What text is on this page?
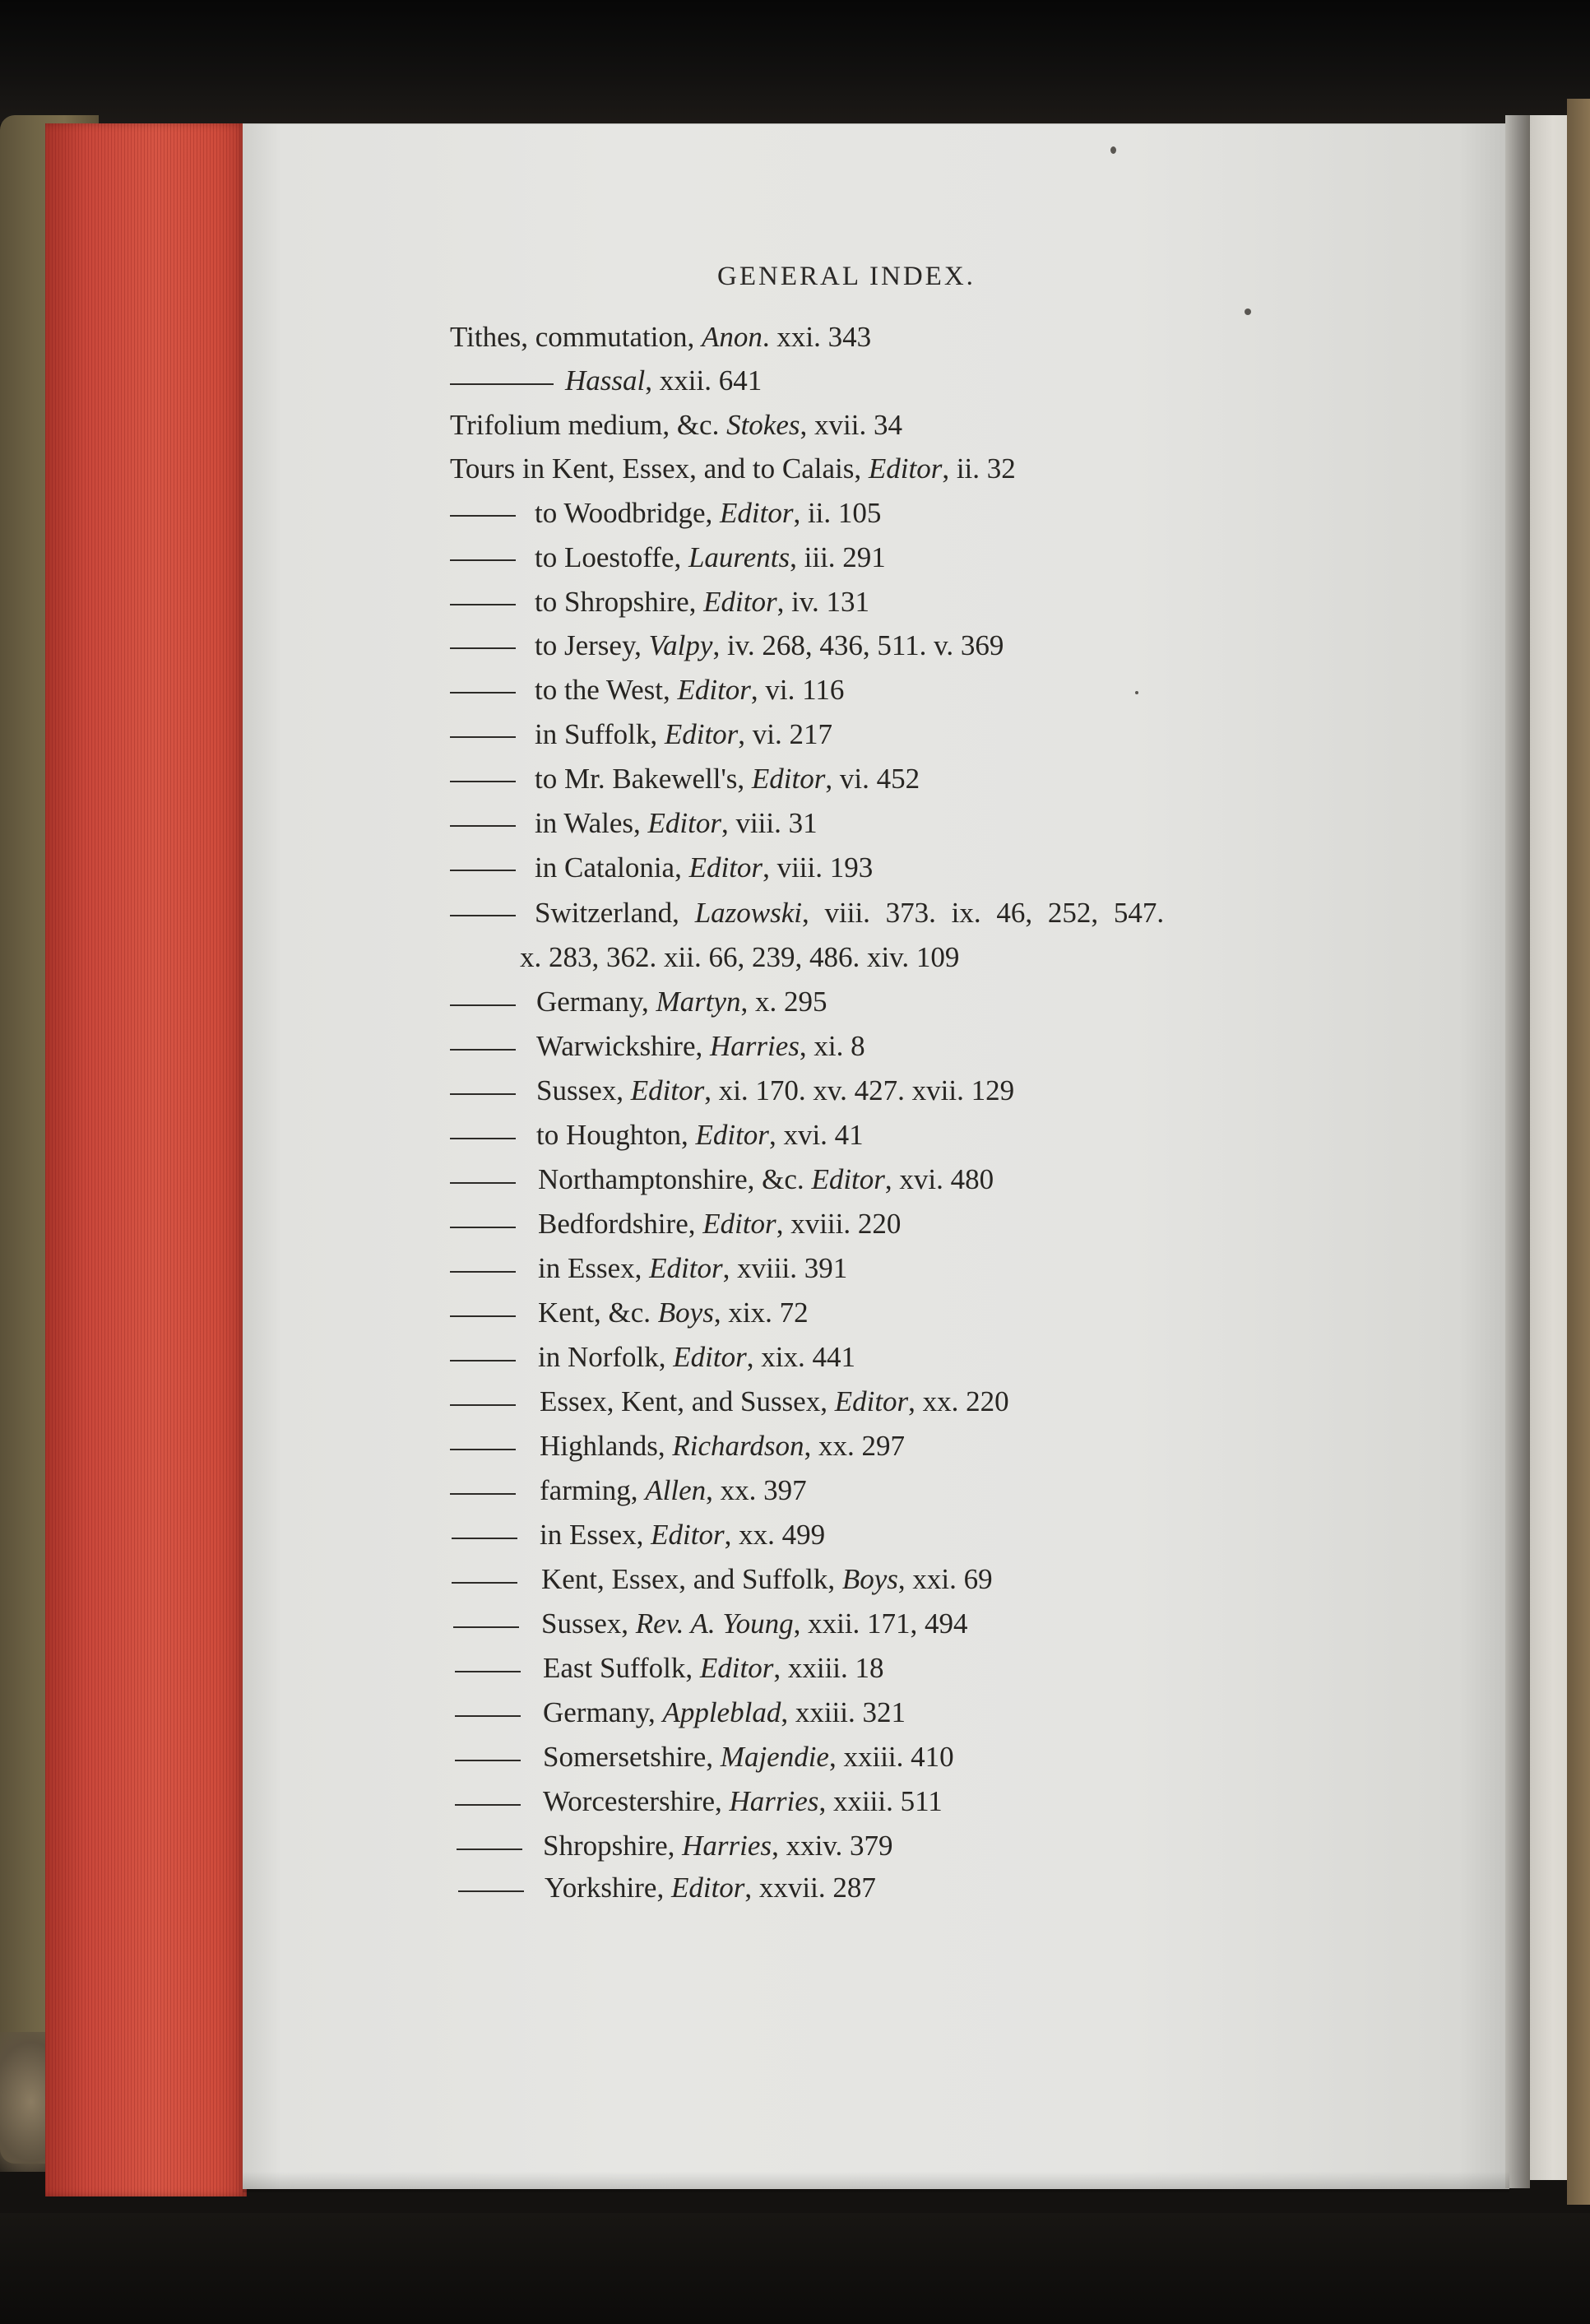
GENERAL INDEX.
Tithes, commutation, Anon. xxi. 343
Hassal, xxii. 641
Trifolium medium, &c. Stokes, xvii. 34
Tours in Kent, Essex, and to Calais, Editor, ii. 32
to Woodbridge, Editor, ii. 105
to Loestoffe, Laurents, iii. 291
to Shropshire, Editor, iv. 131
to Jersey, Valpy, iv. 268, 436, 511. v. 369
to the West, Editor, vi. 116
in Suffolk, Editor, vi. 217
to Mr. Bakewell's, Editor, vi. 452
in Wales, Editor, viii. 31
in Catalonia, Editor, viii. 193
Switzerland, Lazowski, viii. 373. ix. 46, 252, 547.
x. 283, 362. xii. 66, 239, 486. xiv. 109
Germany, Martyn, x. 295
Warwickshire, Harries, xi. 8
Sussex, Editor, xi. 170. xv. 427. xvii. 129
to Houghton, Editor, xvi. 41
Northamptonshire, &c. Editor, xvi. 480
Bedfordshire, Editor, xviii. 220
in Essex, Editor, xviii. 391
Kent, &c. Boys, xix. 72
in Norfolk, Editor, xix. 441
Essex, Kent, and Sussex, Editor, xx. 220
Highlands, Richardson, xx. 297
farming, Allen, xx. 397
in Essex, Editor, xx. 499
Kent, Essex, and Suffolk, Boys, xxi. 69
Sussex, Rev. A. Young, xxii. 171, 494
East Suffolk, Editor, xxiii. 18
Germany, Appleblad, xxiii. 321
Somersetshire, Majendie, xxiii. 410
Worcestershire, Harries, xxiii. 511
Shropshire, Harries, xxiv. 379
Yorkshire, Editor, xxvii. 287
